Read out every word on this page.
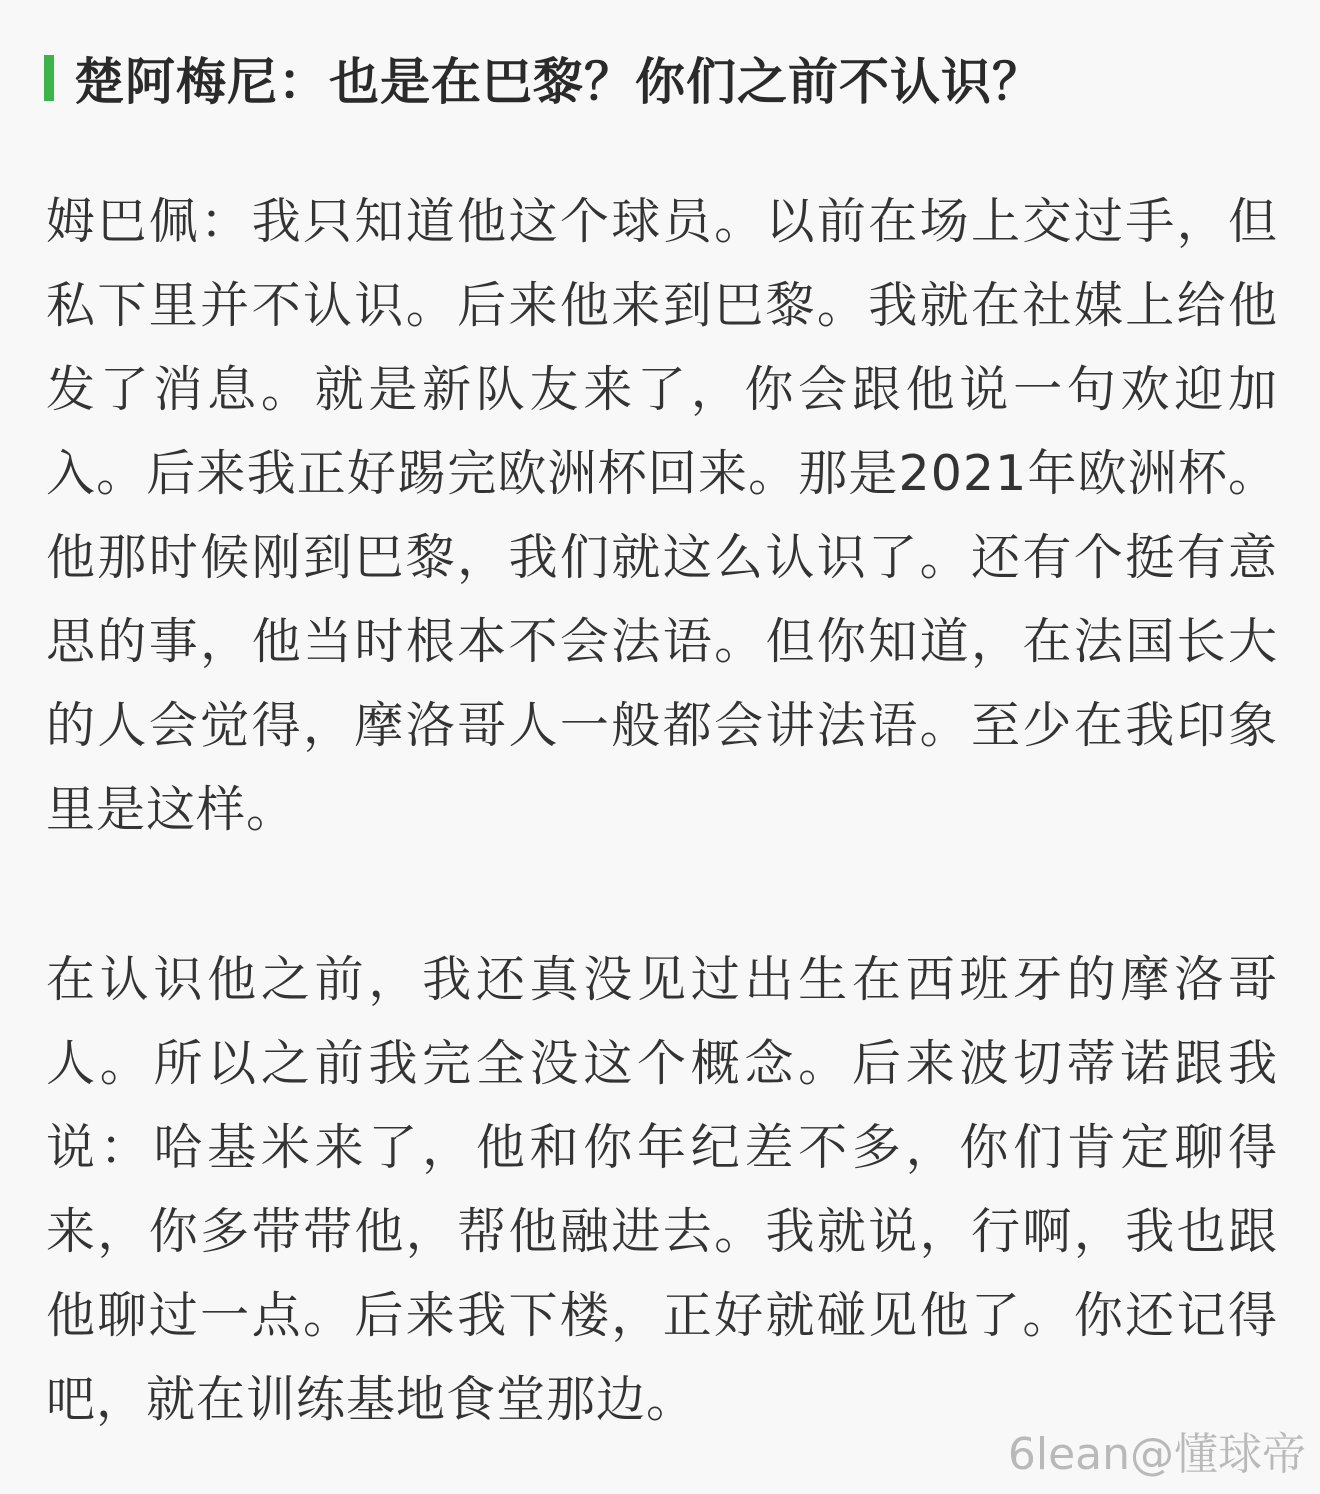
楚阿梅尼：也是在巴黎？你们之前不认识？

姆巴佩：我只知道他这个球员。以前在场上交过手，但私下里并不认识。后来他来到巴黎。我就在社媒上给他发了消息。就是新队友来了，你会跟他说一句欢迎加入。后来我正好踢完欧洲杯回来。那是2021年欧洲杯。他那时候刚到巴黎，我们就这么认识了。还有个挺有意思的事，他当时根本不会法语。但你知道，在法国长大的人会觉得，摩洛哥人一般都会讲法语。至少在我印象里是这样。

在认识他之前，我还真没见过出生在西班牙的摩洛哥人。所以之前我完全没这个概念。后来波切蒂诺跟我说：哈基米来了，他和你年纪差不多，你们肯定聊得来，你多带带他，帮他融进去。我就说，行啊，我也跟他聊过一点。后来我下楼，正好就碰见他了。你还记得吧，就在训练基地食堂那边。

6lean@懂球帝
